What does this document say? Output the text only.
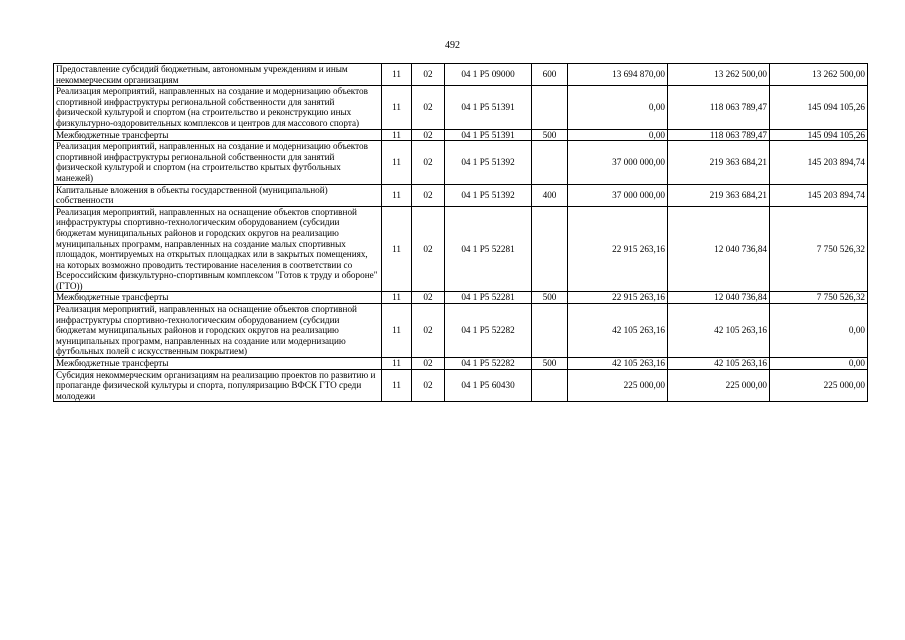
492
Предоставление субсидий бюджетным, автономным учреждениям и иным некоммерческим организациям	11	02	04 1 P5 09000	600	13 694 870,00	13 262 500,00	13 262 500,00
Реализация мероприятий, направленных на создание и модернизацию объектов спортивной инфраструктуры региональной собственности для занятий физической культурой и спортом (на строительство и реконструкцию иных физкультурно-оздоровительных комплексов и центров для массового спорта)	11	02	04 1 P5 51391		0,00	118 063 789,47	145 094 105,26
Межбюджетные трансферты	11	02	04 1 P5 51391	500	0,00	118 063 789,47	145 094 105,26
Реализация мероприятий, направленных на создание и модернизацию объектов спортивной инфраструктуры региональной собственности для занятий физической культурой и спортом (на строительство крытых футбольных манежей)	11	02	04 1 P5 51392		37 000 000,00	219 363 684,21	145 203 894,74
Капитальные вложения в объекты государственной (муниципальной) собственности	11	02	04 1 P5 51392	400	37 000 000,00	219 363 684,21	145 203 894,74
Реализация мероприятий, направленных на оснащение объектов спортивной инфраструктуры спортивно-технологическим оборудованием (субсидии бюджетам муниципальных районов и городских округов на реализацию муниципальных программ, направленных на создание малых спортивных площадок, монтируемых на открытых площадках или в закрытых помещениях, на которых возможно проводить тестирование населения в соответствии со Всероссийским физкультурно-спортивным комплексом "Готов к труду и обороне" (ГТО))	11	02	04 1 P5 52281		22 915 263,16	12 040 736,84	7 750 526,32
Межбюджетные трансферты	11	02	04 1 P5 52281	500	22 915 263,16	12 040 736,84	7 750 526,32
Реализация мероприятий, направленных на оснащение объектов спортивной инфраструктуры спортивно-технологическим оборудованием (субсидии бюджетам муниципальных районов и городских округов на реализацию муниципальных программ, направленных на создание или модернизацию футбольных полей с искусственным покрытием)	11	02	04 1 P5 52282		42 105 263,16	42 105 263,16	0,00
Межбюджетные трансферты	11	02	04 1 P5 52282	500	42 105 263,16	42 105 263,16	0,00
Субсидия некоммерческим организациям на реализацию проектов по развитию и пропаганде физической культуры и спорта, популяризацию ВФСК ГТО среди молодежи	11	02	04 1 P5 60430		225 000,00	225 000,00	225 000,00
